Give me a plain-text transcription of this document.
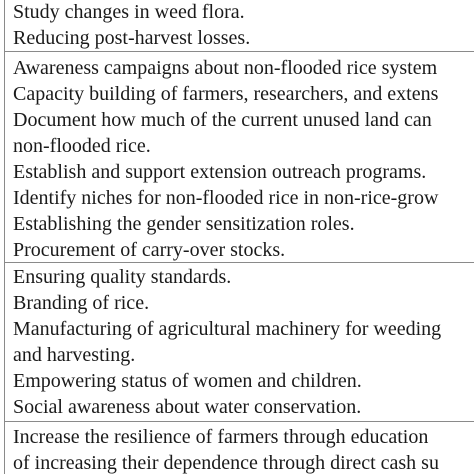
Study changes in weed flora.
Reducing post-harvest losses.
Awareness campaigns about non-flooded rice system
Capacity building of farmers, researchers, and extens
Document how much of the current unused land can
non-flooded rice.
Establish and support extension outreach programs.
Identify niches for non-flooded rice in non-rice-grow
Establishing the gender sensitization roles.
Procurement of carry-over stocks.
Ensuring quality standards.
Branding of rice.
Manufacturing of agricultural machinery for weeding
and harvesting.
Empowering status of women and children.
Social awareness about water conservation.
Increase the resilience of farmers through education
of increasing their dependence through direct cash su
